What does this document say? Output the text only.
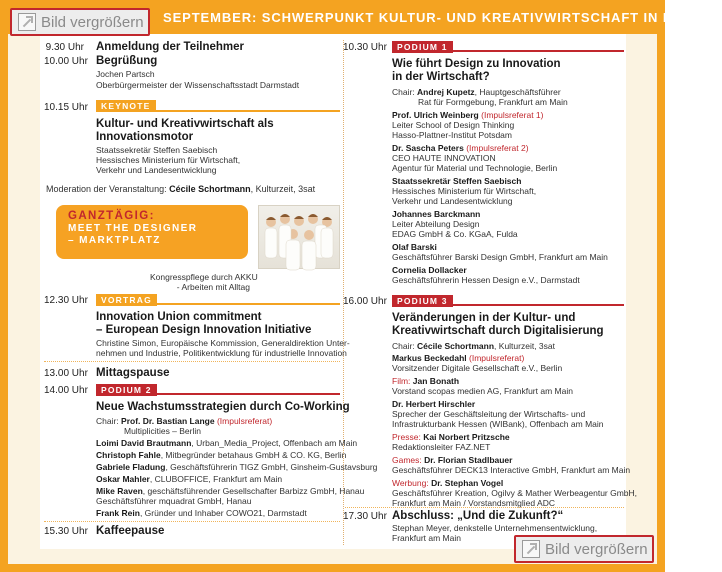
SEPTEMBER: SCHWERPUNKT KULTUR- UND KREATIVWIRTSCHAFT IN HESSEN
Bild vergrößern
Bild vergrößern
9.30 Uhr Anmeldung der Teilnehmer
10.00 Uhr Begrüßung
Jochen Partsch
Oberbürgermeister der Wissenschaftsstadt Darmstadt
10.15 Uhr	KEYNOTE
Kultur- und Kreativwirtschaft als
Innovationsmotor
Staatssekretär Steffen Saebisch
Hessisches Ministerium für Wirtschaft,
Verkehr und Landesentwicklung
Moderation der Veranstaltung: Cécile Schortmann, Kulturzeit, 3sat
GANZTÄGIG:
MEET THE DESIGNER
– MARKTPLATZ
Kongresspflege durch AKKU
- Arbeiten mit Alltag
12.30 Uhr	VORTRAG
Innovation Union commitment
– European Design Innovation Initiative
Christine Simon, Europäische Kommission, Generaldirektion Unter-
nehmen und Industrie, Politikentwicklung für industrielle Innovation
13.00 Uhr Mittagspause
14.00 Uhr	PODIUM 2
Neue Wachstumsstrategien durch Co-Working
Chair: Prof. Dr. Bastian Lange (Impulsreferat)
Multiplicities – Berlin
Loimi David Brautmann, Urban_Media_Project, Offenbach am Main
Christoph Fahle, Mitbegründer betahaus GmbH & CO. KG, Berlin
Gabriele Fladung, Geschäftsführerin TIGZ GmbH, Ginsheim-Gustavsburg
Oskar Mahler, CLUBOFFICE, Frankfurt am Main
Mike Raven, geschäftsführender Gesellschafter Barbizz GmbH, Hanau
Geschäftsführer mquadrat GmbH, Hanau
Frank Rein, Gründer und Inhaber COWO21, Darmstadt
15.30 Uhr Kaffeepause
10.30 Uhr	PODIUM 1
Wie führt Design zu Innovation
in der Wirtschaft?
Chair: Andrej Kupetz, Hauptgeschäftsführer
Rat für Formgebung, Frankfurt am Main
Prof. Ulrich Weinberg (Impulsreferat 1)
Leiter School of Design Thinking
Hasso-Plattner-Institut Potsdam
Dr. Sascha Peters (Impulsreferat 2)
CEO HAUTE INNOVATION
Agentur für Material und Technologie, Berlin
Staatssekretär Steffen Saebisch
Hessisches Ministerium für Wirtschaft,
Verkehr und Landesentwicklung
Johannes Barckmann
Leiter Abteilung Design
EDAG GmbH & Co. KGaA, Fulda
Olaf Barski
Geschäftsführer Barski Design GmbH, Frankfurt am Main
Cornelia Dollacker
Geschäftsführerin Hessen Design e.V., Darmstadt
16.00 Uhr	PODIUM 3
Veränderungen in der Kultur- und
Kreativwirtschaft durch Digitalisierung
Chair: Cécile Schortmann, Kulturzeit, 3sat
Markus Beckedahl (Impulsreferat)
Vorsitzender Digitale Gesellschaft e.V., Berlin
Film: Jan Bonath
Vorstand scopas medien AG, Frankfurt am Main
Dr. Herbert Hirschler
Sprecher der Geschäftsleitung der Wirtschafts- und
Infrastrukturbank Hessen (WIBank), Offenbach am Main
Presse: Kai Norbert Pritzsche
Redaktionsleiter FAZ.NET
Games: Dr. Florian Stadlbauer
Geschäftsführer DECK13 Interactive GmbH, Frankfurt am Main
Werbung: Dr. Stephan Vogel
Geschäftsführer Kreation, Ogilvy & Mather Werbeagentur GmbH,
Frankfurt am Main / Vorstandsmitglied ADC
17.30 Uhr Abschluss: „Und die Zukunft?“
Stephan Meyer, denkstelle Unternehmensentwicklung,
Frankfurt am Main
